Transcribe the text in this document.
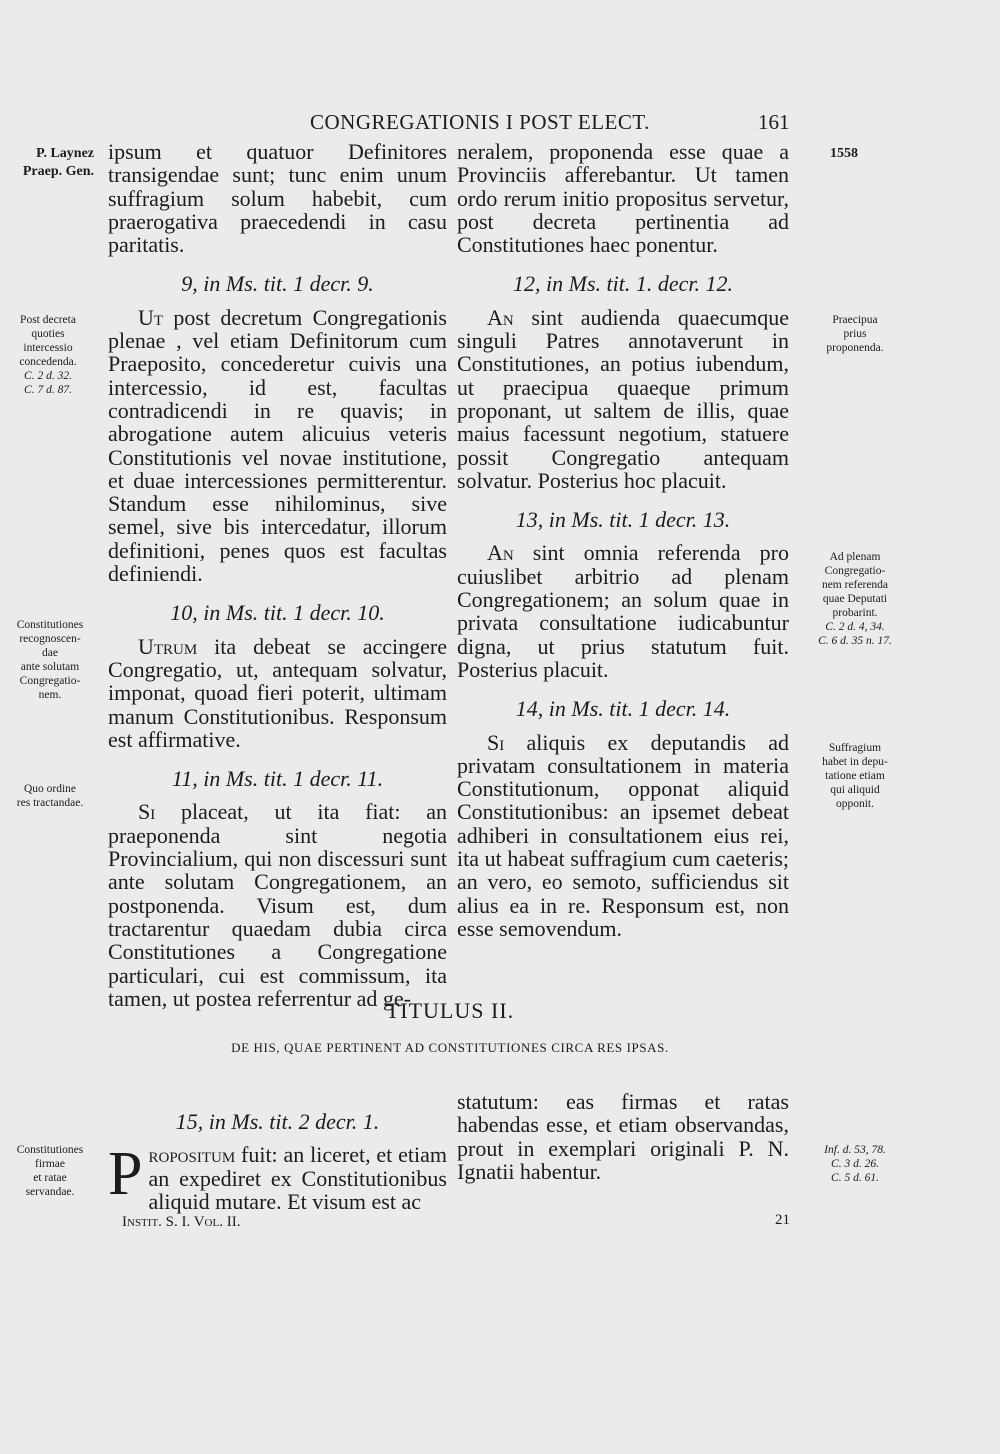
CONGREGATIONIS I POST ELECT.	161
P. Laynez
Praep. Gen.
1558
Post decreta
quoties
intercessio
concedenda.
C. 2 d. 32.
C. 7 d. 87.
Constitutiones
recognoscen-
dae
ante solutam
Congregatio-
nem.
Quo ordine
res tractandae.
Constitutiones
firmae
et ratae
servandae.
Praecipua
prius
proponenda.
Ad plenam
Congregatio-
nem referenda
quae Deputati
probarint.
C. 2 d. 4, 34.
C. 6 d. 35 n. 17.
Suffragium
habet in depu-
tatione etiam
qui aliquid
opponit.
Inf. d. 53, 78.
C. 3 d. 26.
C. 5 d. 61.

ipsum et quatuor Definitores transigendae sunt; tunc enim unum suffragium solum habebit, cum praerogativa praecedendi in casu paritatis.

9, in Ms. tit. 1 decr. 9.

Ut post decretum Congregationis plenae , vel etiam Definitorum cum Praeposito, concederetur cuivis una intercessio, id est, facultas contradicendi in re quavis; in abrogatione autem alicuius veteris Constitutionis vel novae institutione, et duae intercessiones permitterentur. Standum esse nihilominus, sive semel, sive bis intercedatur, illorum definitioni, penes quos est facultas definiendi.

10, in Ms. tit. 1 decr. 10.

Utrum ita debeat se accingere Congregatio, ut, antequam solvatur, imponat, quoad fieri poterit, ultimam manum Constitutionibus. Responsum est affirmative.

11, in Ms. tit. 1 decr. 11.

Si placeat, ut ita fiat: an praeponenda sint negotia Provincialium, qui non discessuri sunt ante solutam Congregationem, an postponenda. Visum est, dum tractarentur quaedam dubia circa Constitutiones a Congregatione particulari, cui est commissum, ita tamen, ut postea referrentur ad ge-

neralem, proponenda esse quae a Provinciis afferebantur. Ut tamen ordo rerum initio propositus servetur, post decreta pertinentia ad Constitutiones haec ponentur.

12, in Ms. tit. 1. decr. 12.

An sint audienda quaecumque singuli Patres annotaverunt in Constitutiones, an potius iubendum, ut praecipua quaeque primum proponant, ut saltem de illis, quae maius facessunt negotium, statuere possit Congregatio antequam solvatur. Posterius hoc placuit.

13, in Ms. tit. 1 decr. 13.

An sint omnia referenda pro cuiuslibet arbitrio ad plenam Congregationem; an solum quae in privata consultatione iudicabuntur digna, ut prius statutum fuit. Posterius placuit.

14, in Ms. tit. 1 decr. 14.

Si aliquis ex deputandis ad privatam consultationem in materia Constitutionum, opponat aliquid Constitutionibus: an ipsemet debeat adhiberi in consultationem eius rei, ita ut habeat suffragium cum caeteris; an vero, eo semoto, sufficiendus sit alius ea in re. Responsum est, non esse semovendum.

TITULUS II.
DE HIS, QUAE PERTINENT AD CONSTITUTIONES CIRCA RES IPSAS.

15, in Ms. tit. 2 decr. 1.

Propositum fuit: an liceret, et etiam an expediret ex Constitutionibus aliquid mutare. Et visum est ac

statutum: eas firmas et ratas habendas esse, et etiam observandas, prout in exemplari originali P. N. Ignatii habentur.

Instit. S. I. Vol. II.	21
